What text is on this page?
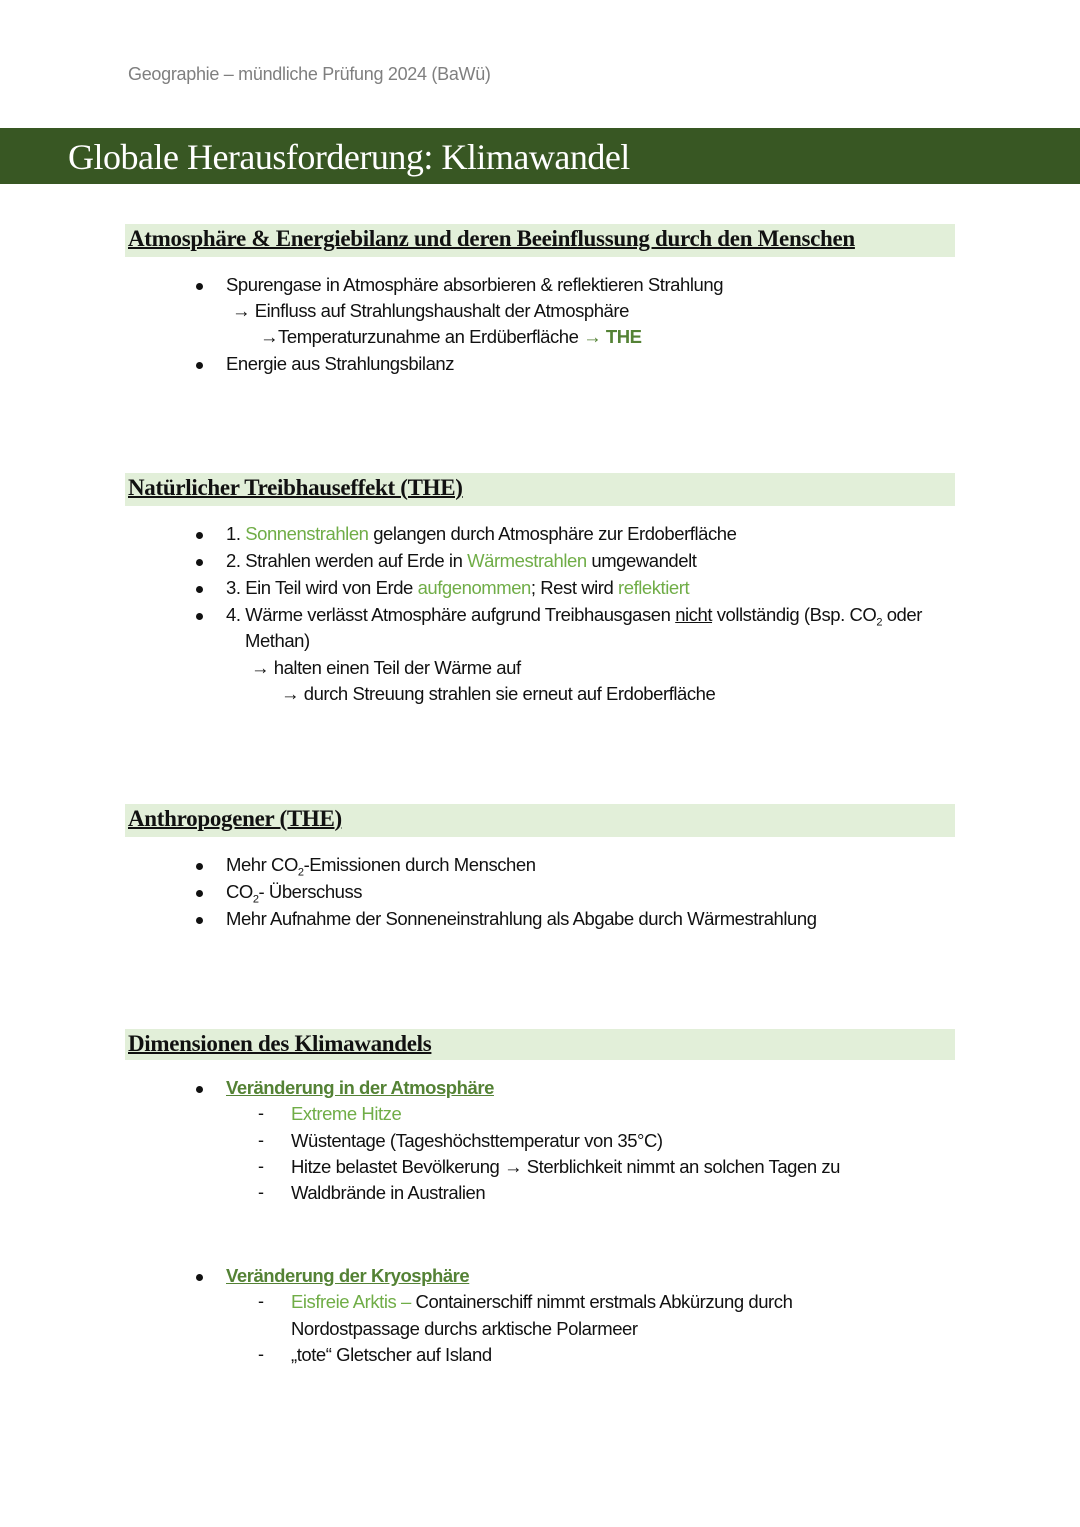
Geographie – mündliche Prüfung 2024 (BaWü)
Globale Herausforderung: Klimawandel
Atmosphäre & Energiebilanz und deren Beeinflussung durch den Menschen
Spurengase in Atmosphäre absorbieren & reflektieren Strahlung
→ Einfluss auf Strahlungshaushalt der Atmosphäre
→Temperaturzunahme an Erdüberfläche → THE
Energie aus Strahlungsbilanz
Natürlicher Treibhauseffekt (THE)
1. Sonnenstrahlen gelangen durch Atmosphäre zur Erdoberfläche
2. Strahlen werden auf Erde in Wärmestrahlen umgewandelt
3. Ein Teil wird von Erde aufgenommen; Rest wird reflektiert
4. Wärme verlässt Atmosphäre aufgrund Treibhausgasen nicht vollständig (Bsp. $CO_2$ oder
Methan)
→ halten einen Teil der Wärme auf
→ durch Streuung strahlen sie erneut auf Erdoberfläche
Anthropogener (THE)
Mehr $CO_2$-Emissionen durch Menschen
$CO_2-$ Überschuss
Mehr Aufnahme der Sonneneinstrahlung als Abgabe durch Wärmestrahlung
Dimensionen des Klimawandels
Veränderung in der Atmosphäre
- Extreme Hitze
- Wüstentage (Tageshöchsttemperatur von 35°C)
- Hitze belastet Bevölkerung → Sterblichkeit nimmt an solchen Tagen zu
- Waldbrände in Australien
Veränderung der Kryosphäre
- Eisfreie Arktis – Containerschiff nimmt erstmals Abkürzung durch
Nordostpassage durchs arktische Polarmeer
- „tote“ Gletscher auf Island
